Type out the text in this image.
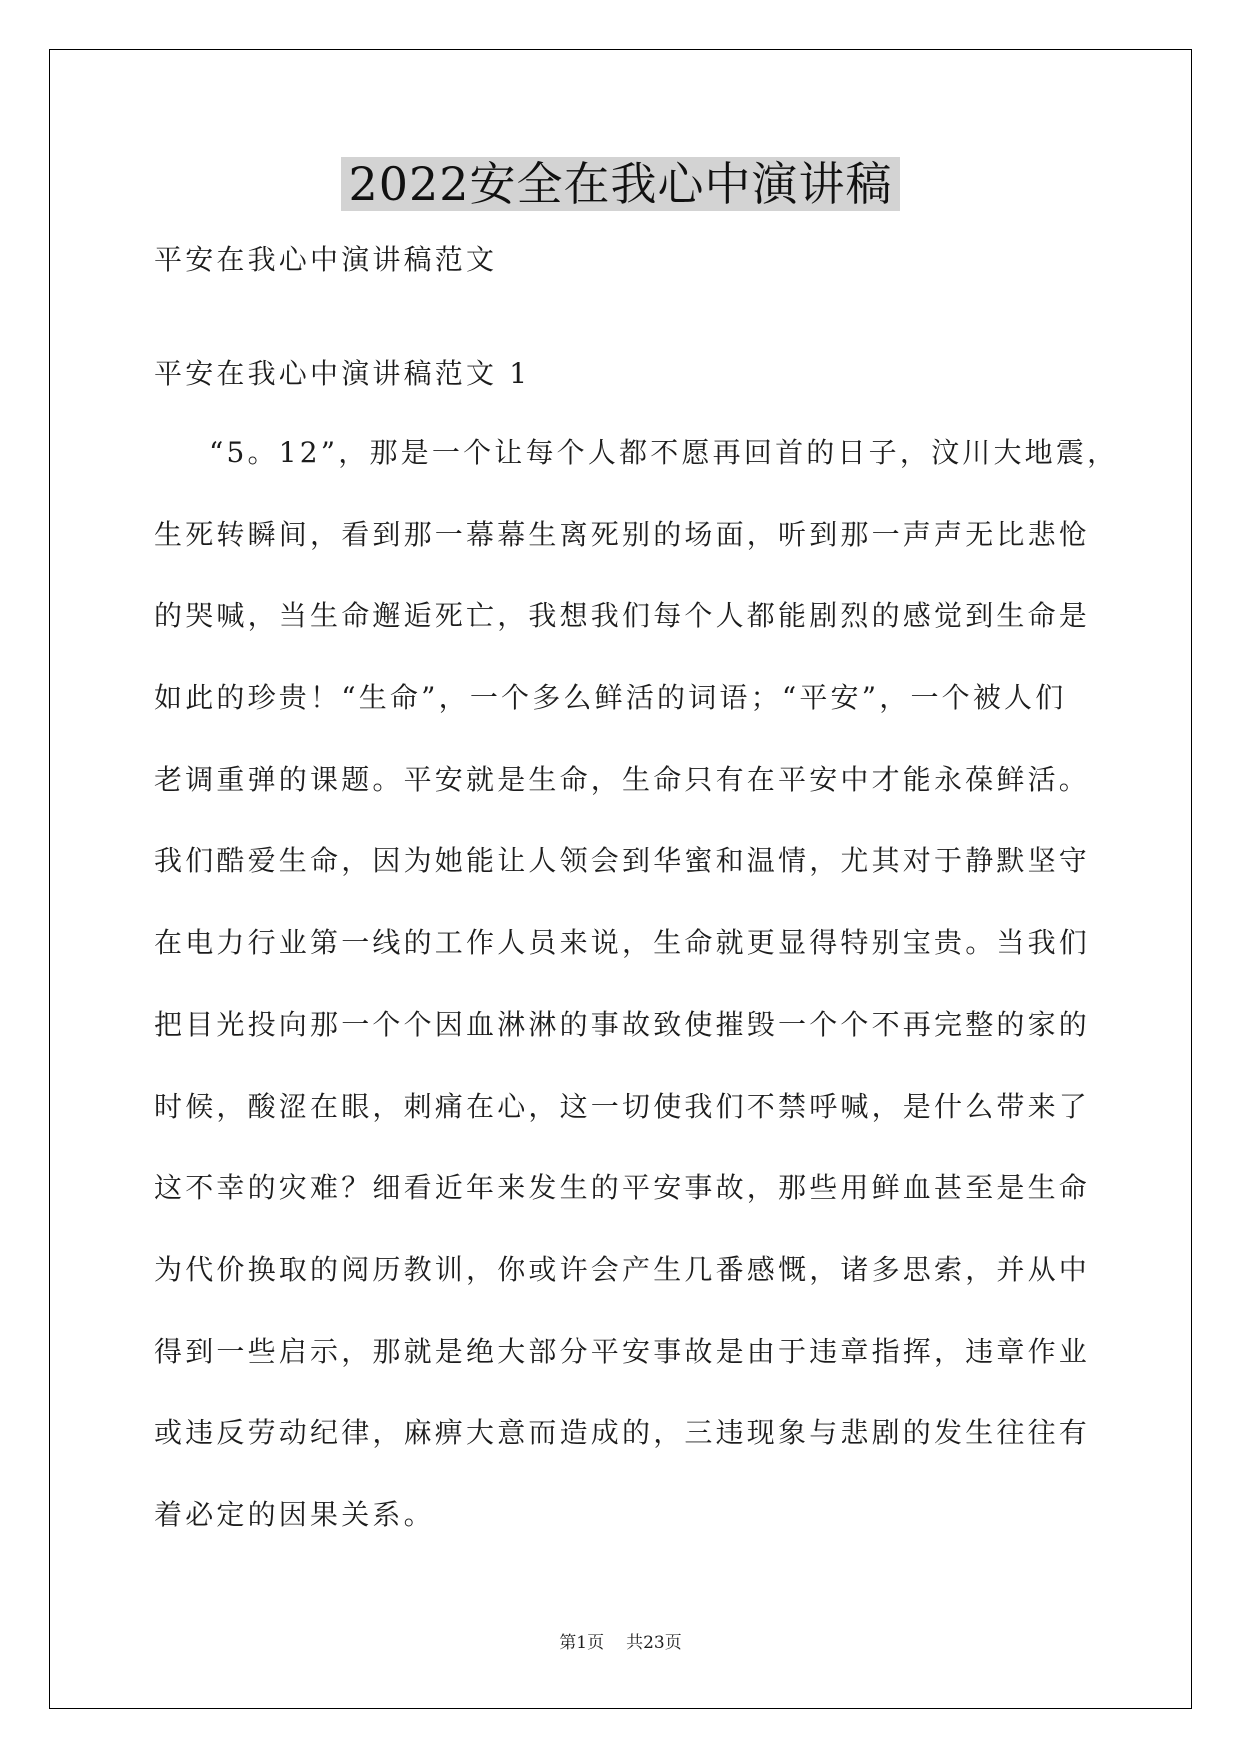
2022安全在我心中演讲稿
平安在我心中演讲稿范文
平安在我心中演讲稿范文 1
“5。12”，那是一个让每个人都不愿再回首的日子，汶川大地震，
生死转瞬间，看到那一幕幕生离死别的场面，听到那一声声无比悲怆
的哭喊，当生命邂逅死亡，我想我们每个人都能剧烈的感觉到生命是
如此的珍贵！“生命”，一个多么鲜活的词语；“平安”，一个被人们
老调重弹的课题。平安就是生命，生命只有在平安中才能永葆鲜活。
我们酷爱生命，因为她能让人领会到华蜜和温情，尤其对于静默坚守
在电力行业第一线的工作人员来说，生命就更显得特别宝贵。当我们
把目光投向那一个个因血淋淋的事故致使摧毁一个个不再完整的家的
时候，酸涩在眼，刺痛在心，这一切使我们不禁呼喊，是什么带来了
这不幸的灾难？细看近年来发生的平安事故，那些用鲜血甚至是生命
为代价换取的阅历教训，你或许会产生几番感慨，诸多思索，并从中
得到一些启示，那就是绝大部分平安事故是由于违章指挥，违章作业
或违反劳动纪律，麻痹大意而造成的，三违现象与悲剧的发生往往有
着必定的因果关系。
第1页 共23页
